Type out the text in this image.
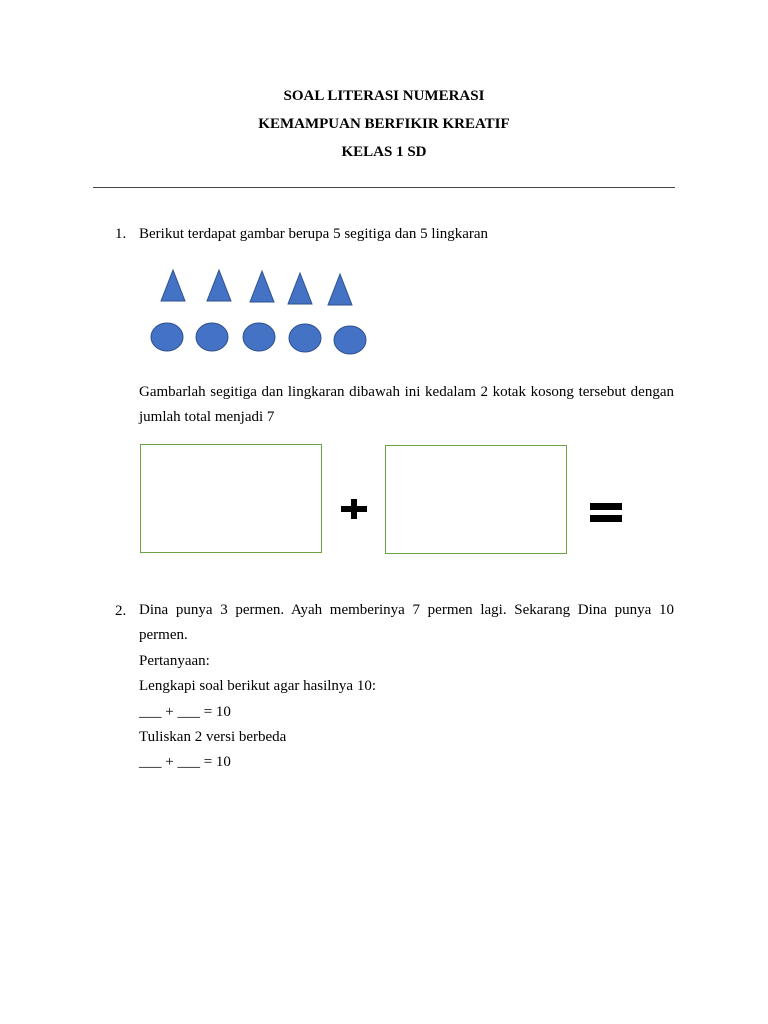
SOAL LITERASI NUMERASI
KEMAMPUAN BERFIKIR KREATIF
KELAS 1 SD
1. Berikut terdapat gambar berupa 5 segitiga dan 5 lingkaran
Gambarlah segitiga dan lingkaran dibawah ini kedalam 2 kotak kosong tersebut dengan jumlah total menjadi 7
2. Dina punya 3 permen. Ayah memberinya 7 permen lagi. Sekarang Dina punya 10 permen.
Pertanyaan:
Lengkapi soal berikut agar hasilnya 10:
___ + ___ = 10
Tuliskan 2 versi berbeda
___ + ___ = 10
